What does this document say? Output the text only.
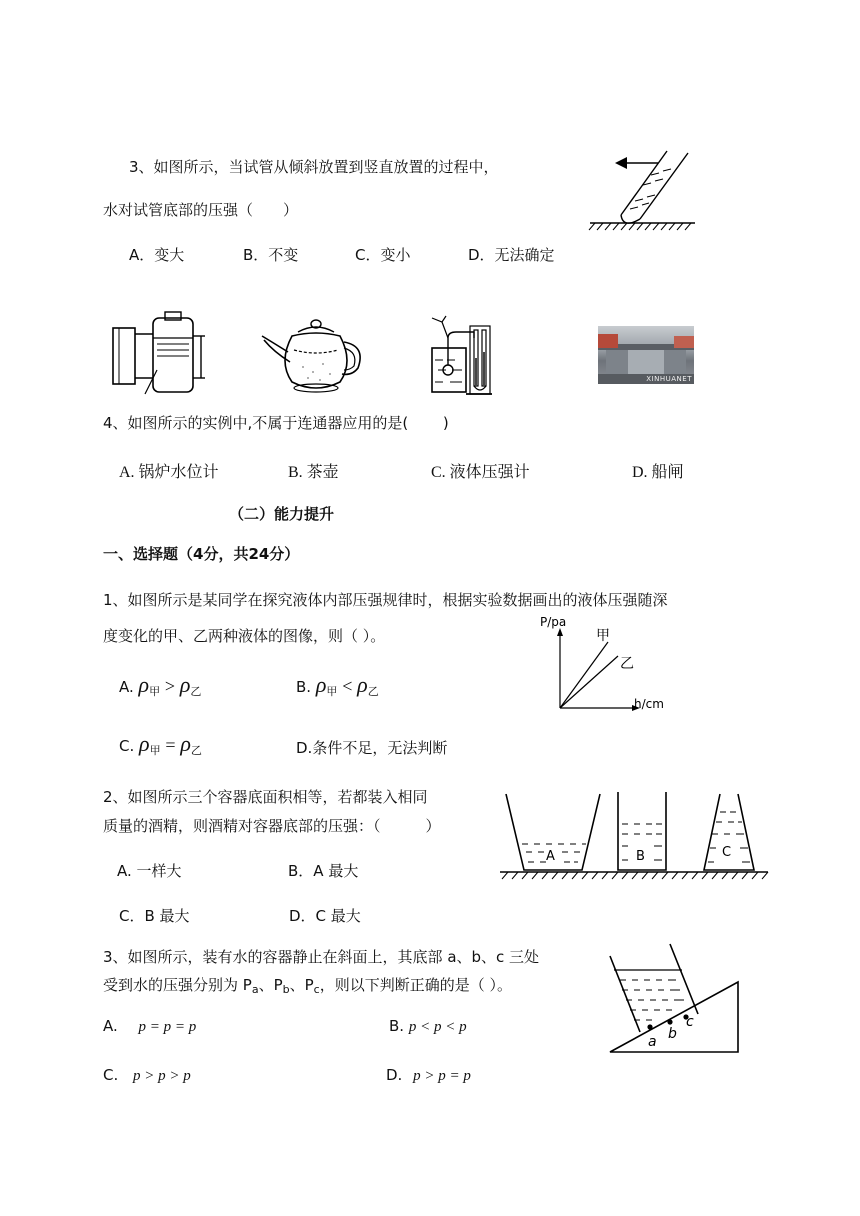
3、如图所示，当试管从倾斜放置到竖直放置的过程中，
水对试管底部的压强（　　）
A．变大	B．不变	C．变小	D．无法确定
XINHUANET
4、如图所示的实例中,不属于连通器应用的是(　　 )
A. 锅炉水位计	B. 茶壶	C. 液体压强计	D. 船闸
（二）能力提升
一、选择题（4分，共24分）
1、如图所示是某同学在探究液体内部压强规律时，根据实验数据画出的液体压强随深
度变化的甲、乙两种液体的图像，则（ ）。
A. $\rho_甲 > \rho_乙$	B. $\rho_甲 < \rho_乙$
C. $\rho_甲 = \rho_乙$	D.条件不足，无法判断
P/pa
h/cm
甲
乙
2、如图所示三个容器底面积相等，若都装入相同
质量的酒精，则酒精对容器底部的压强：（　　　）
A. 一样大	B．A 最大
C．B 最大	D．C 最大
A	B	C
3、如图所示，装有水的容器静止在斜面上，其底部 a、b、c 三处
受到水的压强分别为 $P_a$、$P_b$、$P_c$，则以下判断正确的是（ ）。
A. p = p = p	B. p < p < p
C. p > p > p	D. p > p = p
a b
c
